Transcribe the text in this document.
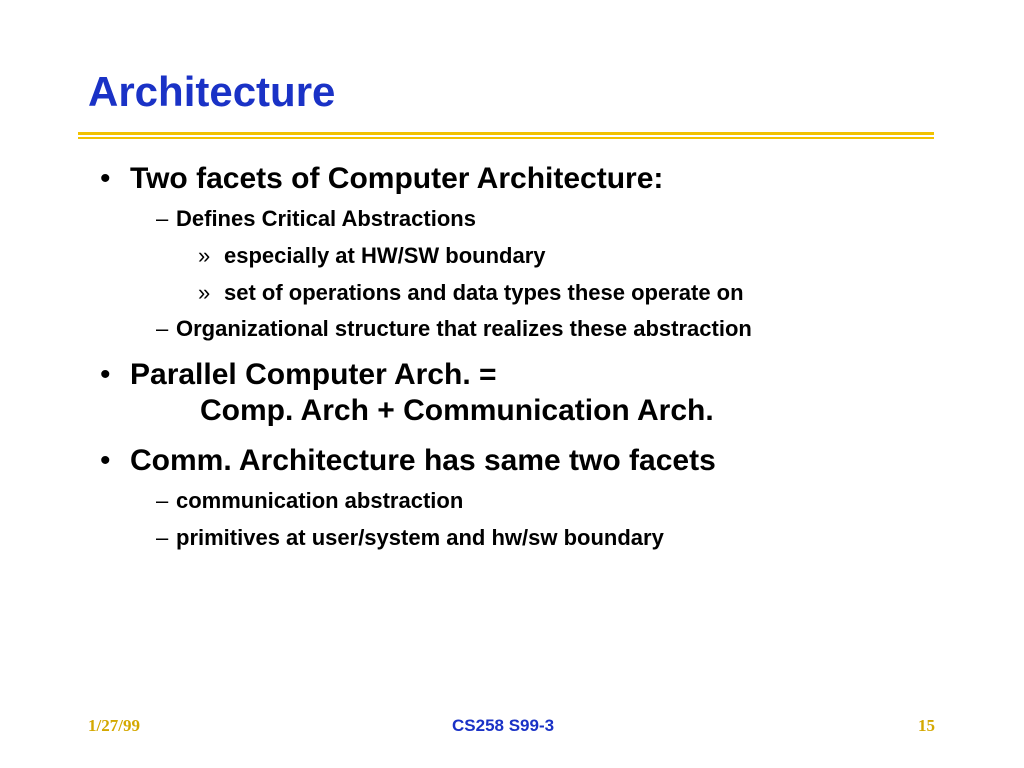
Architecture
• Two facets of Computer Architecture:
– Defines Critical Abstractions
» especially at HW/SW boundary
» set of operations and data types these operate on
– Organizational structure that realizes these abstraction
• Parallel Computer Arch. =
Comp. Arch + Communication Arch.
• Comm. Architecture has same two facets
– communication abstraction
– primitives at user/system and hw/sw boundary
1/27/99	CS258 S99-3	15
